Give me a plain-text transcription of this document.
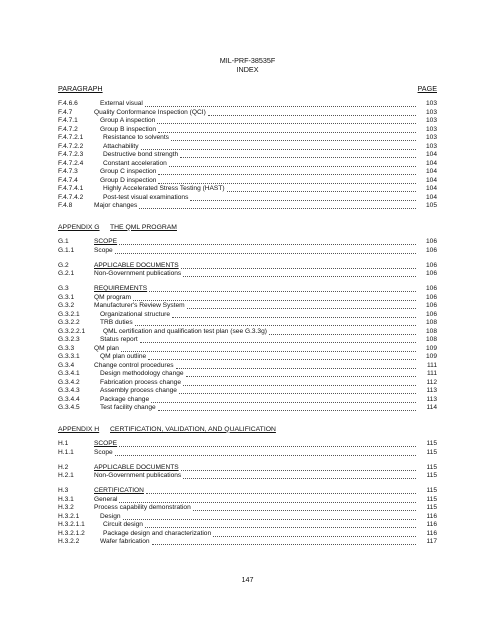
MIL-PRF-38535F
INDEX
PARAGRAPH	PAGE
F.4.6.6	External visual	103
F.4.7	Quality Conformance Inspection (QCI)	103
F.4.7.1	Group A inspection	103
F.4.7.2	Group B inspection	103
F.4.7.2.1	Resistance to solvents	103
F.4.7.2.2	Attachability	103
F.4.7.2.3	Destructive bond strength	104
F.4.7.2.4	Constant acceleration	104
F.4.7.3	Group C inspection	104
F.4.7.4	Group D inspection	104
F.4.7.4.1	Highly Accelerated Stress Testing (HAST)	104
F.4.7.4.2	Post-test visual examinations	104
F.4.8	Major changes	105
APPENDIX G	THE QML PROGRAM
G.1	SCOPE	106
G.1.1	Scope	106
G.2	APPLICABLE DOCUMENTS	106
G.2.1	Non-Government publications	106
G.3	REQUIREMENTS	106
G.3.1	QM program	106
G.3.2	Manufacturer's Review System	106
G.3.2.1	Organizational structure	106
G.3.2.2	TRB duties	108
G.3.2.2.1	QML certification and qualification test plan (see G.3.3g)	108
G.3.2.3	Status report	108
G.3.3	QM plan	109
G.3.3.1	QM plan outline	109
G.3.4	Change control procedures	111
G.3.4.1	Design methodology change	111
G.3.4.2	Fabrication process change	112
G.3.4.3	Assembly process change	113
G.3.4.4	Package change	113
G.3.4.5	Test facility change	114
APPENDIX H	CERTIFICATION, VALIDATION, AND QUALIFICATION
H.1	SCOPE	115
H.1.1	Scope	115
H.2	APPLICABLE DOCUMENTS	115
H.2.1	Non-Government publications	115
H.3	CERTIFICATION	115
H.3.1	General	115
H.3.2	Process capability demonstration	115
H.3.2.1	Design	116
H.3.2.1.1	Circuit design	116
H.3.2.1.2	Package design and characterization	116
H.3.2.2	Wafer fabrication	117
147
